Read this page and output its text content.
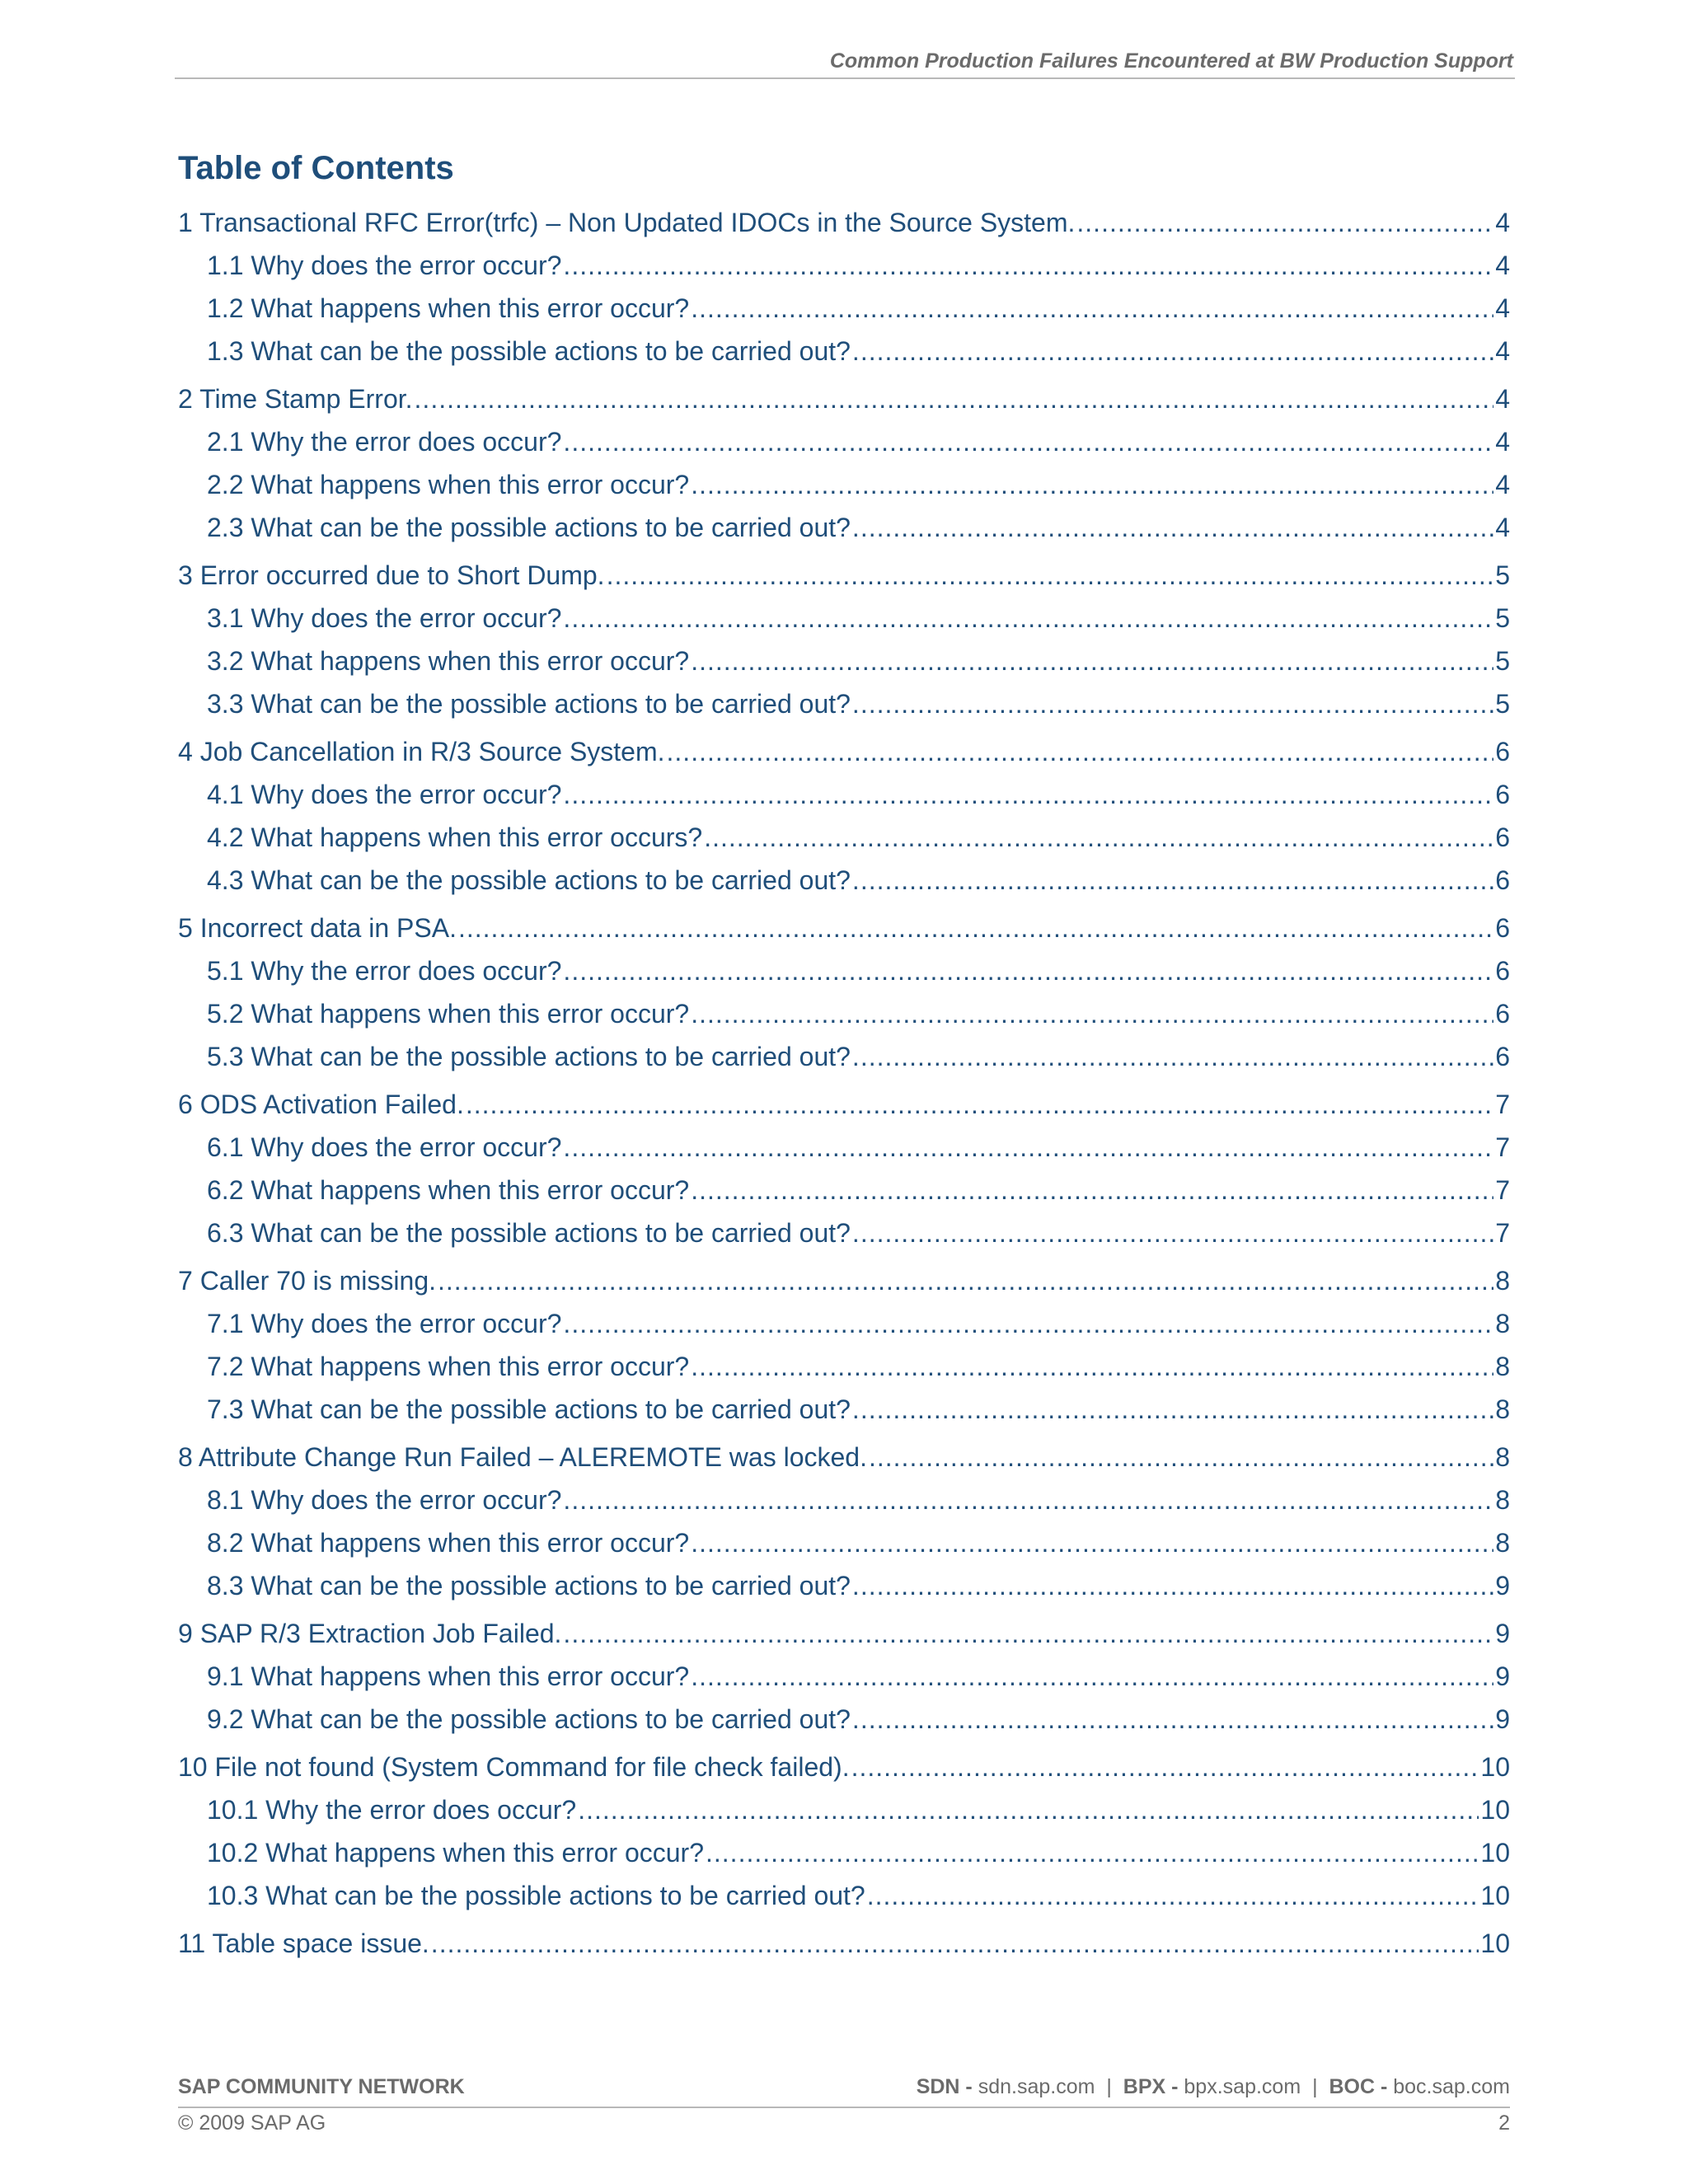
Common Production Failures Encountered at BW Production Support
Table of Contents
1 Transactional RFC Error(trfc) – Non Updated IDOCs in the Source System. .....	4
1.1 Why does the error occur? .....	4
1.2 What happens when this error occur? .....	4
1.3 What can be the possible actions to be carried out? .....	4
2 Time Stamp Error. .....	4
2.1 Why the error does occur? .....	4
2.2 What happens when this error occur? .....	4
2.3 What can be the possible actions to be carried out? .....	4
3 Error occurred due to Short Dump. .....	5
3.1 Why does the error occur? .....	5
3.2 What happens when this error occur? .....	5
3.3 What can be the possible actions to be carried out? .....	5
4 Job Cancellation in R/3 Source System. .....	6
4.1 Why does the error occur? .....	6
4.2 What happens when this error occurs? .....	6
4.3 What can be the possible actions to be carried out? .....	6
5 Incorrect data in PSA. .....	6
5.1 Why the error does occur? .....	6
5.2 What happens when this error occur? .....	6
5.3 What can be the possible actions to be carried out? .....	6
6 ODS Activation Failed. .....	7
6.1 Why does the error occur? .....	7
6.2 What happens when this error occur? .....	7
6.3 What can be the possible actions to be carried out? .....	7
7 Caller 70 is missing. .....	8
7.1 Why does the error occur? .....	8
7.2 What happens when this error occur? .....	8
7.3 What can be the possible actions to be carried out? .....	8
8 Attribute Change Run Failed – ALEREMOTE was locked. .....	8
8.1 Why does the error occur? .....	8
8.2 What happens when this error occur? .....	8
8.3 What can be the possible actions to be carried out? .....	9
9 SAP R/3 Extraction Job Failed. .....	9
9.1 What happens when this error occur? .....	9
9.2 What can be the possible actions to be carried out? .....	9
10 File not found (System Command for file check failed). .....	10
10.1 Why the error does occur? .....	10
10.2 What happens when this error occur? .....	10
10.3 What can be the possible actions to be carried out? .....	10
11 Table space issue. .....	10
SAP COMMUNITY NETWORK	SDN - sdn.sap.com | BPX - bpx.sap.com | BOC - boc.sap.com
© 2009 SAP AG	2
